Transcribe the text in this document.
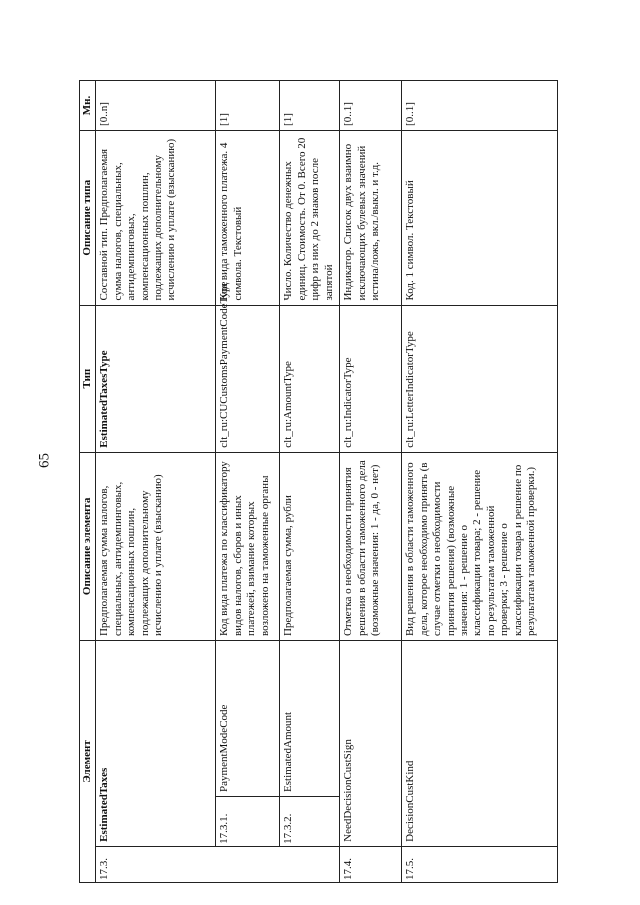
65
Элемент			Описание элемента	Тип	Описание типа	Мн.
17.3.	EstimatedTaxes		Предполагаемая сумма налогов, специальных, антидемпинговых, компенсационных пошлин, подлежащих дополнительному исчислению и уплате (взысканию)	EstimatedTaxesType	Составной тип. Предполагаемая сумма налогов, специальных, антидемпинговых, компенсационных пошлин, подлежащих дополнительному исчислению и уплате (взысканию)	[0..n]
	17.3.1.	PaymentModeCode	Код вида платежа по классификатору видов налогов, сборов и иных платежей, взимание которых возложено на таможенные органы	clt_ru:CUCustomsPaymentCodeType	Код вида таможенного платежа. 4 символа. Текстовый	[1]
	17.3.2.	EstimatedAmount	Предполагаемая сумма, рубли	clt_ru:AmountType	Число. Количество денежных единиц. Стоимость. От 0. Всего 20 цифр из них до 2 знаков после запятой	[1]
17.4.	NeedDecisionCustSign		Отметка о необходимости принятия решения в области таможенного дела (возможные значения: 1 - да, 0 - нет)	clt_ru:IndicatorType	Индикатор. Список двух взаимно исключающих булевых значений истина/ложь, вкл./выкл. и т.д.	[0..1]
17.5.	DecisionCustKind		Вид решения в области таможенного дела, которое необходимо принять (в случае отметки о необходимости принятия решения) (возможные значения: 1 - решение о классификации товара; 2 - решение по результатам таможенной проверки; 3 - решение о классификации товара и решение по результатам таможенной проверки.)	clt_ru:LetterIndicatorType	Код. 1 символ. Текстовый	[0..1]
